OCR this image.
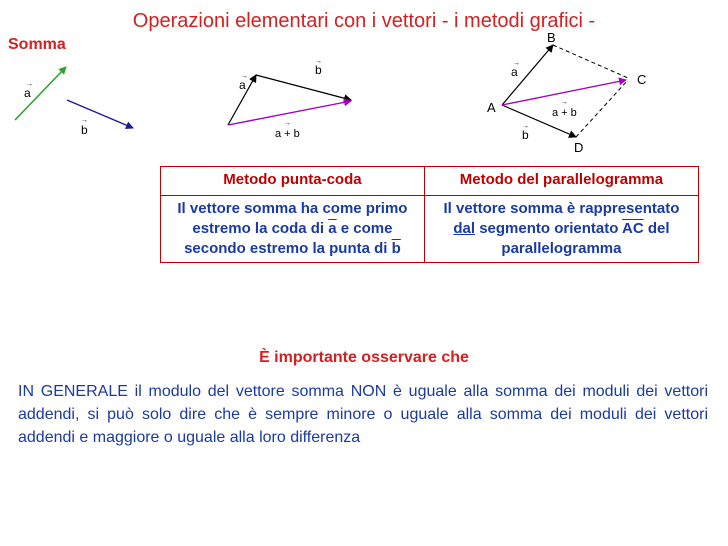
Operazioni elementari con i vettori - i metodi grafici -
Somma
→
a
→
b
→
a
→
b
→
a + b
A
B
C
D
→
a
→
b
→
a + b
Metodo punta-coda	Metodo del parallelogramma
Il vettore somma ha come primo estremo la coda di $\overline{a}$ e come secondo estremo la punta di $\overline{b}$	Il vettore somma è rappresentato dal segmento orientato $\overline{AC}$ del parallelogramma
È importante osservare che
IN GENERALE il modulo del vettore somma NON è uguale alla somma dei moduli dei vettori addendi, si può solo dire che è sempre minore o uguale alla somma dei moduli dei vettori addendi e maggiore o uguale alla loro differenza
